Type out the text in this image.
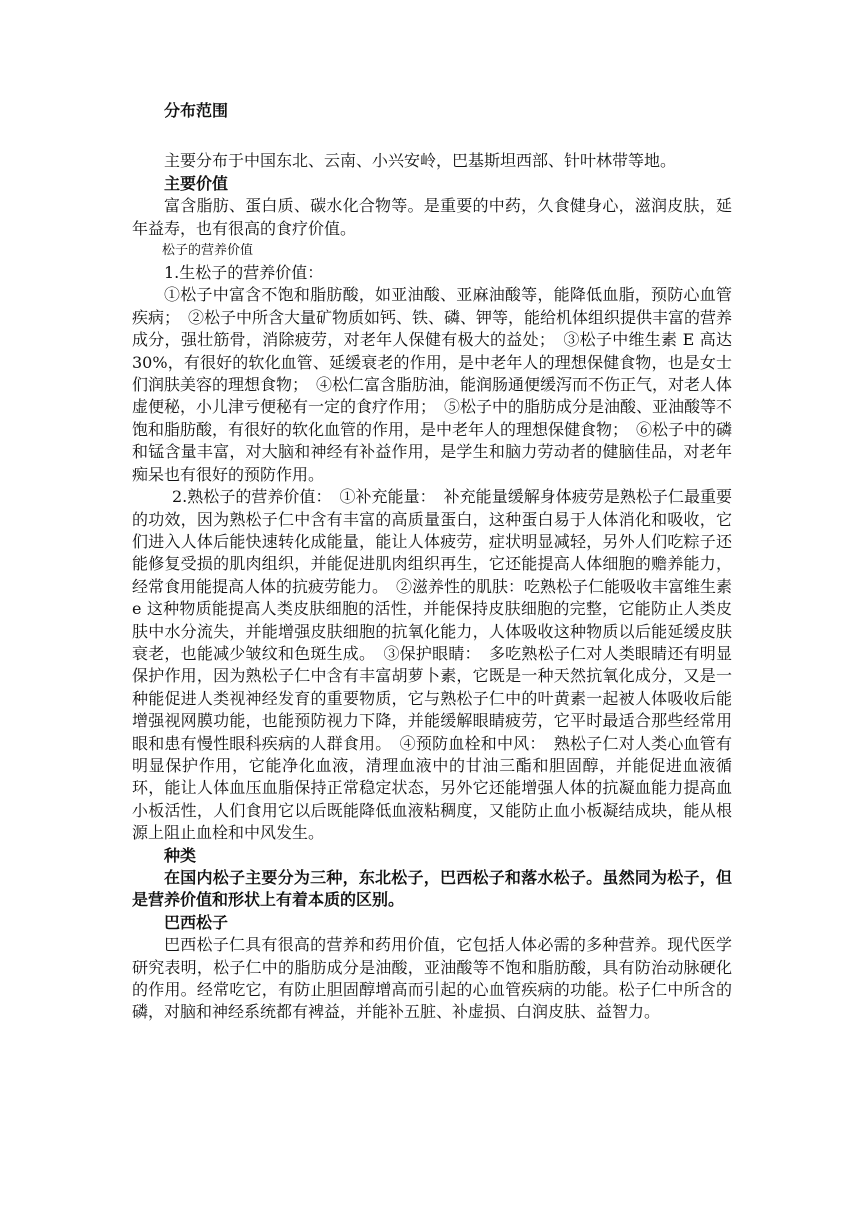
分布范围

主要分布于中国东北、云南、小兴安岭，巴基斯坦西部、针叶林带等地。

主要价值

富含脂肪、蛋白质、碳水化合物等。是重要的中药，久食健身心，滋润皮肤，延年益寿，也有很高的食疗价值。

松子的营养价值

1.生松子的营养价值：

①松子中富含不饱和脂肪酸，如亚油酸、亚麻油酸等，能降低血脂，预防心血管疾病；　②松子中所含大量矿物质如钙、铁、磷、钾等，能给机体组织提供丰富的营养成分，强壮筋骨，消除疲劳，对老年人保健有极大的益处；　③松子中维生素 E 高达 30%，有很好的软化血管、延缓衰老的作用，是中老年人的理想保健食物，也是女士们润肤美容的理想食物；　④松仁富含脂肪油，能润肠通便缓泻而不伤正气，对老人体虚便秘，小儿津亏便秘有一定的食疗作用；　⑤松子中的脂肪成分是油酸、亚油酸等不饱和脂肪酸，有很好的软化血管的作用，是中老年人的理想保健食物；　⑥松子中的磷和锰含量丰富，对大脑和神经有补益作用，是学生和脑力劳动者的健脑佳品，对老年痴呆也有很好的预防作用。

2.熟松子的营养价值：　①补充能量：　补充能量缓解身体疲劳是熟松子仁最重要的功效，因为熟松子仁中含有丰富的高质量蛋白，这种蛋白易于人体消化和吸收，它们进入人体后能快速转化成能量，能让人体疲劳，症状明显减轻，另外人们吃粽子还能修复受损的肌肉组织，并能促进肌肉组织再生，它还能提高人体细胞的赡养能力，经常食用能提高人体的抗疲劳能力。　②滋养性的肌肤：吃熟松子仁能吸收丰富维生素 e 这种物质能提高人类皮肤细胞的活性，并能保持皮肤细胞的完整，它能防止人类皮肤中水分流失，并能增强皮肤细胞的抗氧化能力，人体吸收这种物质以后能延缓皮肤衰老，也能减少皱纹和色斑生成。　③保护眼睛：　多吃熟松子仁对人类眼睛还有明显保护作用，因为熟松子仁中含有丰富胡萝卜素，它既是一种天然抗氧化成分，又是一种能促进人类视神经发育的重要物质，它与熟松子仁中的叶黄素一起被人体吸收后能增强视网膜功能，也能预防视力下降，并能缓解眼睛疲劳，它平时最适合那些经常用眼和患有慢性眼科疾病的人群食用。　④预防血栓和中风：　熟松子仁对人类心血管有明显保护作用，它能净化血液，清理血液中的甘油三酯和胆固醇，并能促进血液循环，能让人体血压血脂保持正常稳定状态，另外它还能增强人体的抗凝血能力提高血小板活性，人们食用它以后既能降低血液粘稠度，又能防止血小板凝结成块，能从根源上阻止血栓和中风发生。

种类

在国内松子主要分为三种，东北松子，巴西松子和落水松子。虽然同为松子，但是营养价值和形状上有着本质的区别。

巴西松子

巴西松子仁具有很高的营养和药用价值，它包括人体必需的多种营养。现代医学研究表明，松子仁中的脂肪成分是油酸，亚油酸等不饱和脂肪酸，具有防治动脉硬化的作用。经常吃它，有防止胆固醇增高而引起的心血管疾病的功能。松子仁中所含的磷，对脑和神经系统都有裨益，并能补五脏、补虚损、白润皮肤、益智力。
